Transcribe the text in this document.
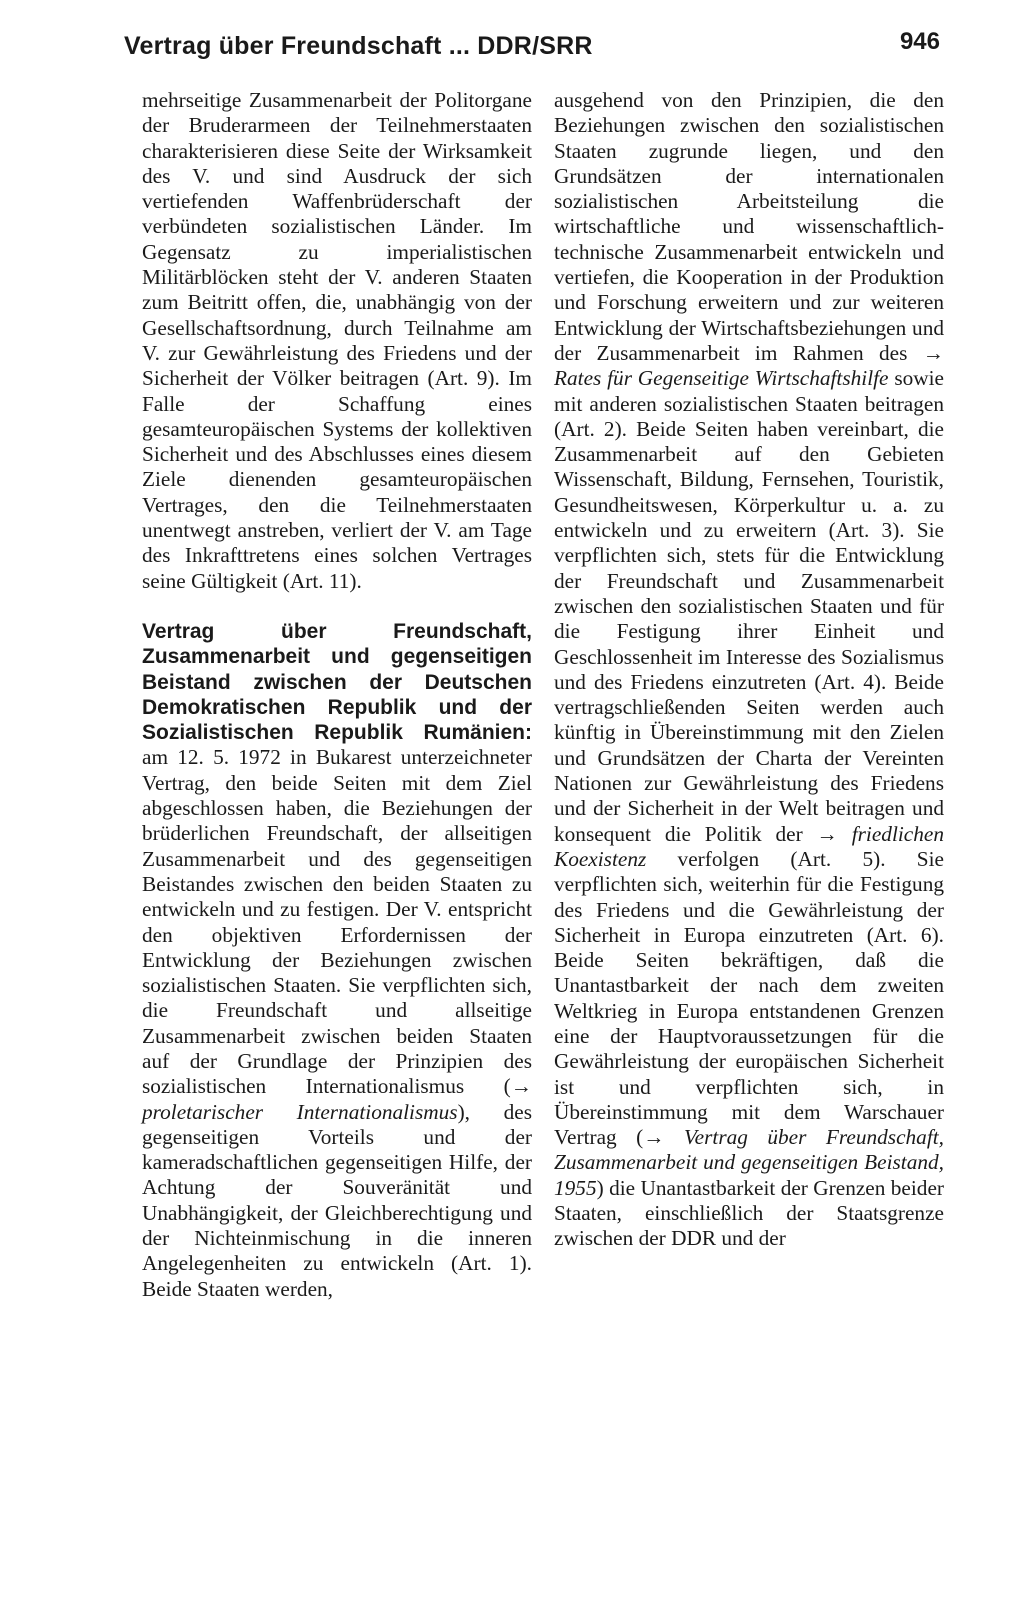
Vertrag über Freundschaft ... DDR/SRR	946

mehrseitige Zusammenarbeit der Politorgane der Bruderarmeen der Teilnehmerstaaten charakterisieren diese Seite der Wirksamkeit des V. und sind Ausdruck der sich vertiefenden Waffenbrüderschaft der verbündeten sozialistischen Länder. Im Gegensatz zu imperialistischen Militärblöcken steht der V. anderen Staaten zum Beitritt offen, die, unabhängig von der Gesellschaftsordnung, durch Teilnahme am V. zur Gewährleistung des Friedens und der Sicherheit der Völker beitragen (Art. 9). Im Falle der Schaffung eines gesamteuropäischen Systems der kollektiven Sicherheit und des Abschlusses eines diesem Ziele dienenden gesamteuropäischen Vertrages, den die Teilnehmerstaaten unentwegt anstreben, verliert der V. am Tage des Inkrafttretens eines solchen Vertrages seine Gültigkeit (Art. 11).

Vertrag über Freundschaft, Zusammenarbeit und gegenseitigen Beistand zwischen der Deutschen Demokratischen Republik und der Sozialistischen Republik Rumänien: am 12. 5. 1972 in Bukarest unterzeichneter Vertrag, den beide Seiten mit dem Ziel abgeschlossen haben, die Beziehungen der brüderlichen Freundschaft, der allseitigen Zusammenarbeit und des gegenseitigen Beistandes zwischen den beiden Staaten zu entwickeln und zu festigen. Der V. entspricht den objektiven Erfordernissen der Entwicklung der Beziehungen zwischen sozialistischen Staaten. Sie verpflichten sich, die Freundschaft und allseitige Zusammenarbeit zwischen beiden Staaten auf der Grundlage der Prinzipien des sozialistischen Internationalismus (→ proletarischer Internationalismus), des gegenseitigen Vorteils und der kameradschaftlichen gegenseitigen Hilfe, der Achtung der Souveränität und Unabhängigkeit, der Gleichberechtigung und der Nichteinmischung in die inneren Angelegenheiten zu entwickeln (Art. 1). Beide Staaten werden,

ausgehend von den Prinzipien, die den Beziehungen zwischen den sozialistischen Staaten zugrunde liegen, und den Grundsätzen der internationalen sozialistischen Arbeitsteilung die wirtschaftliche und wissenschaftlich-technische Zusammenarbeit entwickeln und vertiefen, die Kooperation in der Produktion und Forschung erweitern und zur weiteren Entwicklung der Wirtschaftsbeziehungen und der Zusammenarbeit im Rahmen des → Rates für Gegenseitige Wirtschaftshilfe sowie mit anderen sozialistischen Staaten beitragen (Art. 2). Beide Seiten haben vereinbart, die Zusammenarbeit auf den Gebieten Wissenschaft, Bildung, Fernsehen, Touristik, Gesundheitswesen, Körperkultur u. a. zu entwickeln und zu erweitern (Art. 3). Sie verpflichten sich, stets für die Entwicklung der Freundschaft und Zusammenarbeit zwischen den sozialistischen Staaten und für die Festigung ihrer Einheit und Geschlossenheit im Interesse des Sozialismus und des Friedens einzutreten (Art. 4). Beide vertragschließenden Seiten werden auch künftig in Übereinstimmung mit den Zielen und Grundsätzen der Charta der Vereinten Nationen zur Gewährleistung des Friedens und der Sicherheit in der Welt beitragen und konsequent die Politik der → friedlichen Koexistenz verfolgen (Art. 5). Sie verpflichten sich, weiterhin für die Festigung des Friedens und die Gewährleistung der Sicherheit in Europa einzutreten (Art. 6). Beide Seiten bekräftigen, daß die Unantastbarkeit der nach dem zweiten Weltkrieg in Europa entstandenen Grenzen eine der Hauptvoraussetzungen für die Gewährleistung der europäischen Sicherheit ist und verpflichten sich, in Übereinstimmung mit dem Warschauer Vertrag (→ Vertrag über Freundschaft, Zusammenarbeit und gegenseitigen Beistand, 1955) die Unantastbarkeit der Grenzen beider Staaten, einschließlich der Staatsgrenze zwischen der DDR und der
